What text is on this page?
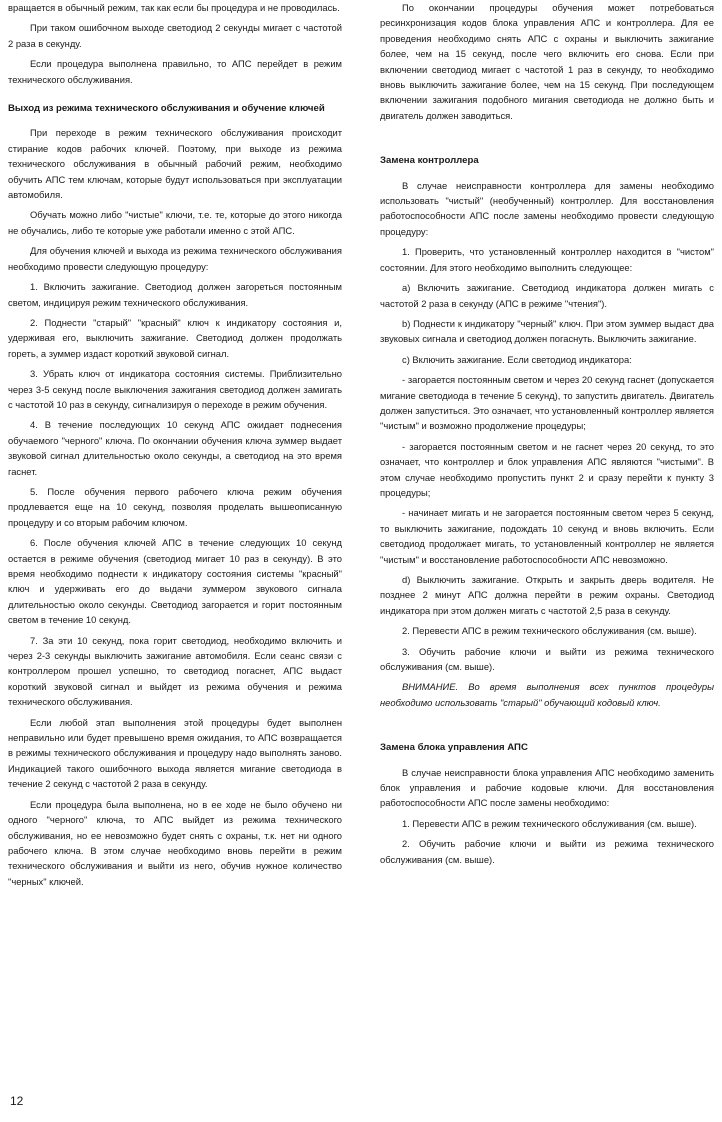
вращается в обычный режим, так как если бы процедура и не проводилась.

При таком ошибочном выходе светодиод 2 секунды мигает с частотой 2 раза в секунду.

Если процедура выполнена правильно, то АПС перейдет в режим технического обслуживания.

Выход из режима технического обслуживания и обучение ключей

При переходе в режим технического обслуживания происходит стирание кодов рабочих ключей. Поэтому, при выходе из режима технического обслуживания в обычный рабочий режим, необходимо обучить АПС тем ключам, которые будут использоваться при эксплуатации автомобиля.

Обучать можно либо "чистые" ключи, т.е. те, которые до этого никогда не обучались, либо те которые уже работали именно с этой АПС.

Для обучения ключей и выхода из режима технического обслуживания необходимо провести следующую процедуру:

1. Включить зажигание. Светодиод должен загореться постоянным светом, индицируя режим технического обслуживания.

2. Поднести "старый" "красный" ключ к индикатору состояния и, удерживая его, выключить зажигание. Светодиод должен продолжать гореть, а зуммер издаст короткий звуковой сигнал.

3. Убрать ключ от индикатора состояния системы. Приблизительно через 3-5 секунд после выключения зажигания светодиод должен замигать с частотой 10 раз в секунду, сигнализируя о переходе в режим обучения.

4. В течение последующих 10 секунд АПС ожидает поднесения обучаемого "черного" ключа. По окончании обучения ключа зуммер выдает звуковой сигнал длительностью около секунды, а светодиод на это время гаснет.

5. После обучения первого рабочего ключа режим обучения продлевается еще на 10 секунд, позволяя проделать вышеописанную процедуру и со вторым рабочим ключом.

6. После обучения ключей АПС в течение следующих 10 секунд остается в режиме обучения (светодиод мигает 10 раз в секунду). В это время необходимо поднести к индикатору состояния системы "красный" ключ и удерживать его до выдачи зуммером звукового сигнала длительностью около секунды. Светодиод загорается и горит постоянным светом в течение 10 секунд.

7. За эти 10 секунд, пока горит светодиод, необходимо включить и через 2-3 секунды выключить зажигание автомобиля. Если сеанс связи с контроллером прошел успешно, то светодиод погаснет, АПС выдаст короткий звуковой сигнал и выйдет из режима обучения и режима технического обслуживания.

Если любой этап выполнения этой процедуры будет выполнен неправильно или будет превышено время ожидания, то АПС возвращается в режимы технического обслуживания и процедуру надо выполнять заново. Индикацией такого ошибочного выхода является мигание светодиода в течение 2 секунд с частотой 2 раза в секунду.

Если процедура была выполнена, но в ее ходе не было обучено ни одного "черного" ключа, то АПС выйдет из режима технического обслуживания, но ее невозможно будет снять с охраны, т.к. нет ни одного рабочего ключа. В этом случае необходимо вновь перейти в режим технического обслуживания и выйти из него, обучив нужное количество "черных" ключей.

По окончании процедуры обучения может потребоваться ресинхронизация кодов блока управления АПС и контроллера. Для ее проведения необходимо снять АПС с охраны и выключить зажигание более, чем на 15 секунд, после чего включить его снова. Если при включении светодиод мигает с частотой 1 раз в секунду, то необходимо вновь выключить зажигание более, чем на 15 секунд. При последующем включении зажигания подобного мигания светодиода не должно быть и двигатель должен заводиться.

Замена контроллера

В случае неисправности контроллера для замены необходимо использовать "чистый" (необученный) контроллер. Для восстановления работоспособности АПС после замены необходимо провести следующую процедуру:

1. Проверить, что установленный контроллер находится в "чистом" состоянии. Для этого необходимо выполнить следующее:

а) Включить зажигание. Светодиод индикатора должен мигать с частотой 2 раза в секунду (АПС в режиме "чтения").

b) Поднести к индикатору "черный" ключ. При этом зуммер выдаст два звуковых сигнала и светодиод должен погаснуть. Выключить зажигание.

с) Включить зажигание. Если светодиод индикатора:

- загорается постоянным светом и через 20 секунд гаснет (допускается мигание светодиода в течение 5 секунд), то запустить двигатель. Двигатель должен запуститься. Это означает, что установленный контроллер является "чистым" и возможно продолжение процедуры;

- загорается постоянным светом и не гаснет через 20 секунд, то это означает, что контроллер и блок управления АПС являются "чистыми". В этом случае необходимо пропустить пункт 2 и сразу перейти к пункту 3 процедуры;

- начинает мигать и не загорается постоянным светом через 5 секунд, то выключить зажигание, подождать 10 секунд и вновь включить. Если светодиод продолжает мигать, то установленный контроллер не является "чистым" и восстановление работоспособности АПС невозможно.

d) Выключить зажигание. Открыть и закрыть дверь водителя. Не позднее 2 минут АПС должна перейти в режим охраны. Светодиод индикатора при этом должен мигать с частотой 2,5 раза в секунду.

2. Перевести АПС в режим технического обслуживания (см. выше).

3. Обучить рабочие ключи и выйти из режима технического обслуживания (см. выше).

ВНИМАНИЕ. Во время выполнения всех пунктов процедуры необходимо использовать "старый" обучающий кодовый ключ.

Замена блока управления АПС

В случае неисправности блока управления АПС необходимо заменить блок управления и рабочие кодовые ключи. Для восстановления работоспособности АПС после замены необходимо:

1. Перевести АПС в режим технического обслуживания (см. выше).

2. Обучить рабочие ключи и выйти из режима технического обслуживания (см. выше).

12
